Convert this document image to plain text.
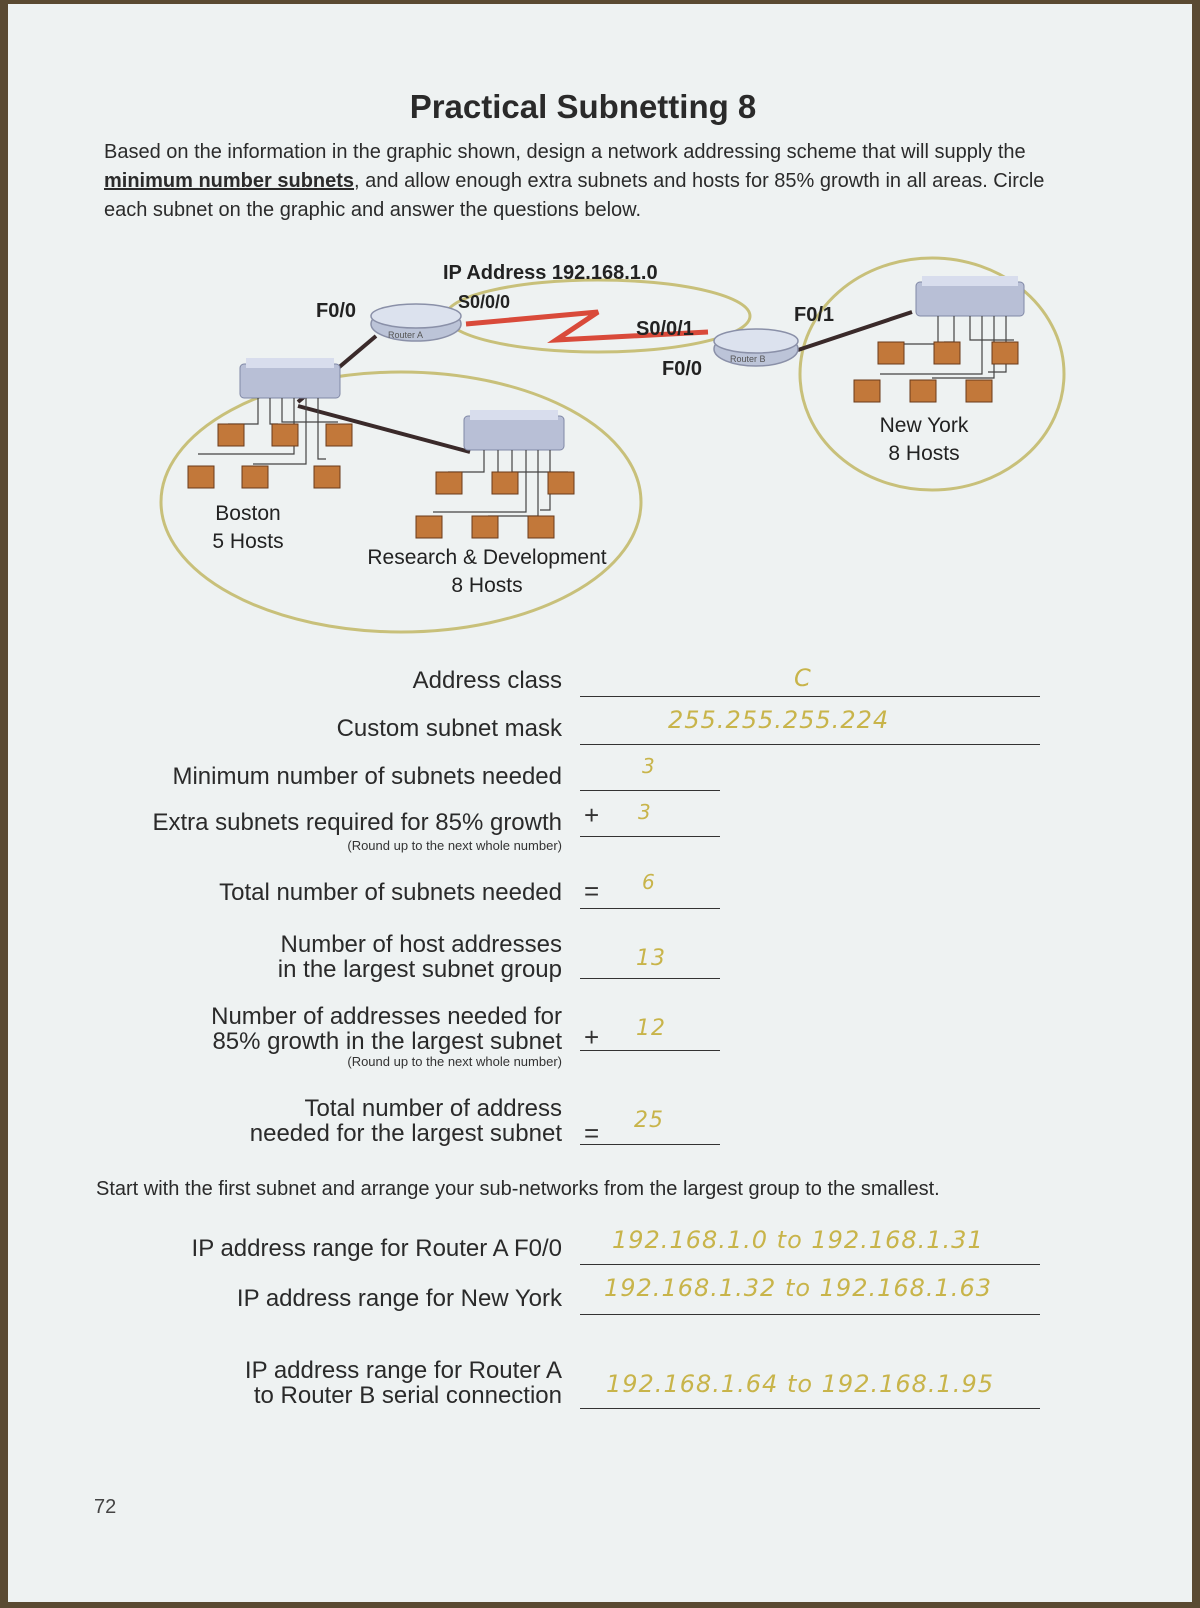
Practical Subnetting 8
Based on the information in the graphic shown, design a network addressing scheme that will supply the minimum number subnets, and allow enough extra subnets and hosts for 85% growth in all areas. Circle each subnet on the graphic and answer the questions below.
IP Address 192.168.1.0
F0/0	S0/0/0
Router A	S0/0/1
F0/0
F0/1
Router B
Boston
5 Hosts
Research & Development
8 Hosts
New York
8 Hosts
Address class	C
Custom subnet mask	255.255.255.224
Minimum number of subnets needed	3
Extra subnets required for 85% growth
(Round up to the next whole number)
+ 3
Total number of subnets needed = 6
Number of host addresses
in the largest subnet group	13
Number of addresses needed for
85% growth in the largest subnet
(Round up to the next whole number)
+ 12
Total number of address
needed for the largest subnet = 25
Start with the first subnet and arrange your sub-networks from the largest group to the smallest.
IP address range for Router A F0/0 192.168.1.0 to 192.168.1.31
IP address range for New York 192.168.1.32 to 192.168.1.63
IP address range for Router A
to Router B serial connection 192.168.1.64 to 192.168.1.95
72
